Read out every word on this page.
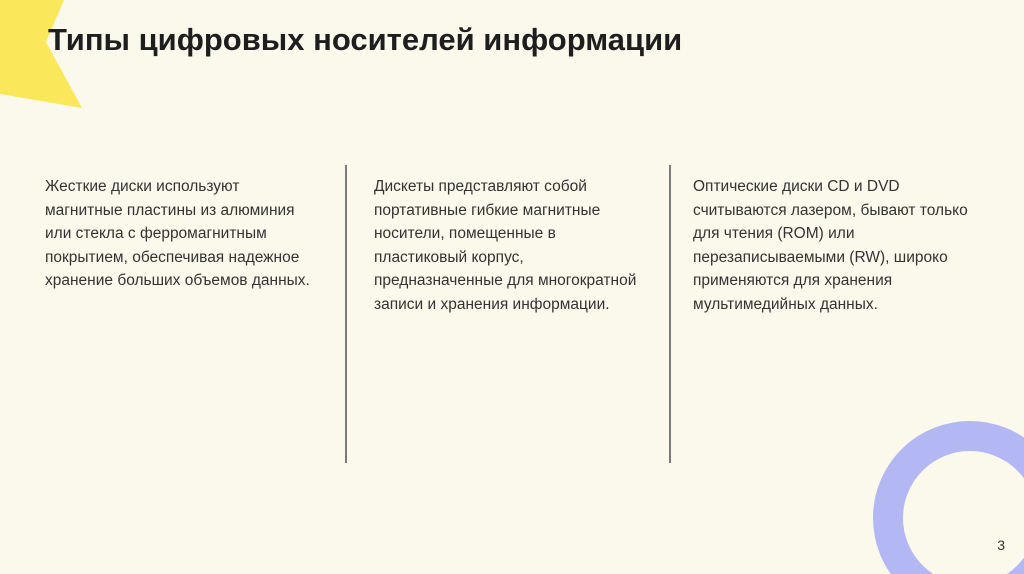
Типы цифровых носителей информации
Жесткие диски используют магнитные пластины из алюминия или стекла с ферромагнитным покрытием, обеспечивая надежное хранение больших объемов данных.
Дискеты представляют собой портативные гибкие магнитные носители, помещенные в пластиковый корпус, предназначенные для многократной записи и хранения информации.
Оптические диски CD и DVD считываются лазером, бывают только для чтения (ROM) или перезаписываемыми (RW), широко применяются для хранения мультимедийных данных.
3
